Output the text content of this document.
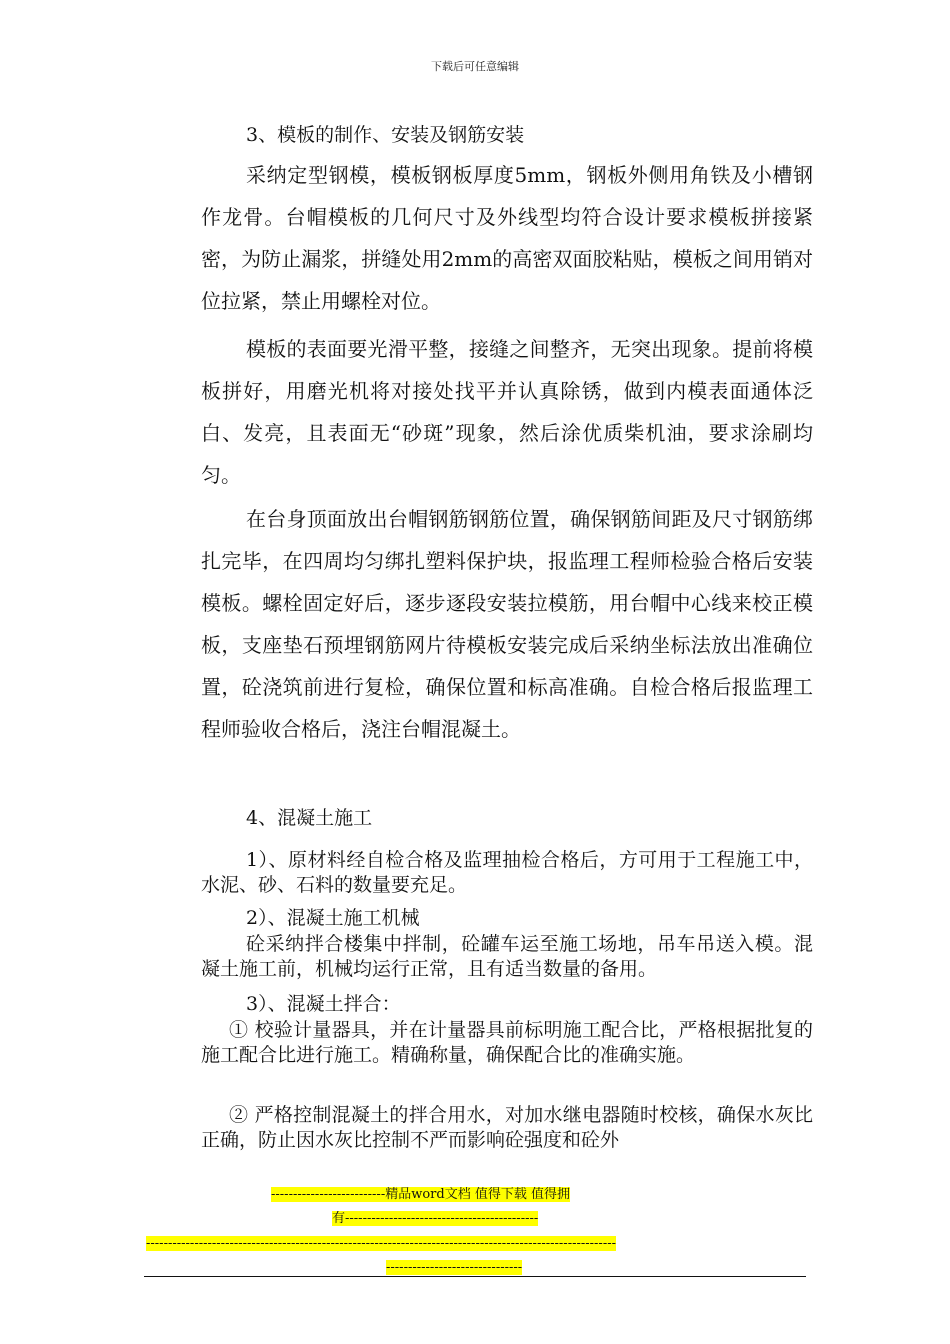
下载后可任意编辑

3、模板的制作、安装及钢筋安装

采纳定型钢模，模板钢板厚度5mm，钢板外侧用角铁及小槽钢作龙骨。台帽模板的几何尺寸及外线型均符合设计要求模板拼接紧密，为防止漏浆，拼缝处用2mm的高密双面胶粘贴，模板之间用销对位拉紧，禁止用螺栓对位。

模板的表面要光滑平整，接缝之间整齐，无突出现象。提前将模板拼好，用磨光机将对接处找平并认真除锈，做到内模表面通体泛白、发亮，且表面无“砂斑”现象，然后涂优质柴机油，要求涂刷均匀。

在台身顶面放出台帽钢筋钢筋位置，确保钢筋间距及尺寸钢筋绑扎完毕，在四周均匀绑扎塑料保护块，报监理工程师检验合格后安装模板。螺栓固定好后，逐步逐段安装拉模筋，用台帽中心线来校正模板，支座垫石预埋钢筋网片待模板安装完成后采纳坐标法放出准确位置，砼浇筑前进行复检，确保位置和标高准确。自检合格后报监理工程师验收合格后，浇注台帽混凝土。

4、混凝土施工

1）、原材料经自检合格及监理抽检合格后，方可用于工程施工中，水泥、砂、石料的数量要充足。

2）、混凝土施工机械

砼采纳拌合楼集中拌制，砼罐车运至施工场地，吊车吊送入模。混凝土施工前，机械均运行正常，且有适当数量的备用。

3）、混凝土拌合：

① 校验计量器具，并在计量器具前标明施工配合比，严格根据批复的施工配合比进行施工。精确称量，确保配合比的准确实施。

② 严格控制混凝土的拌合用水，对加水继电器随时校核，确保水灰比正确，防止因水灰比控制不严而影响砼强度和砼外

--------------------------精品word文档 值得下载 值得拥

有--------------------------------------------

-----------------------------------------------------------------------------------------------------------

-------------------------------
